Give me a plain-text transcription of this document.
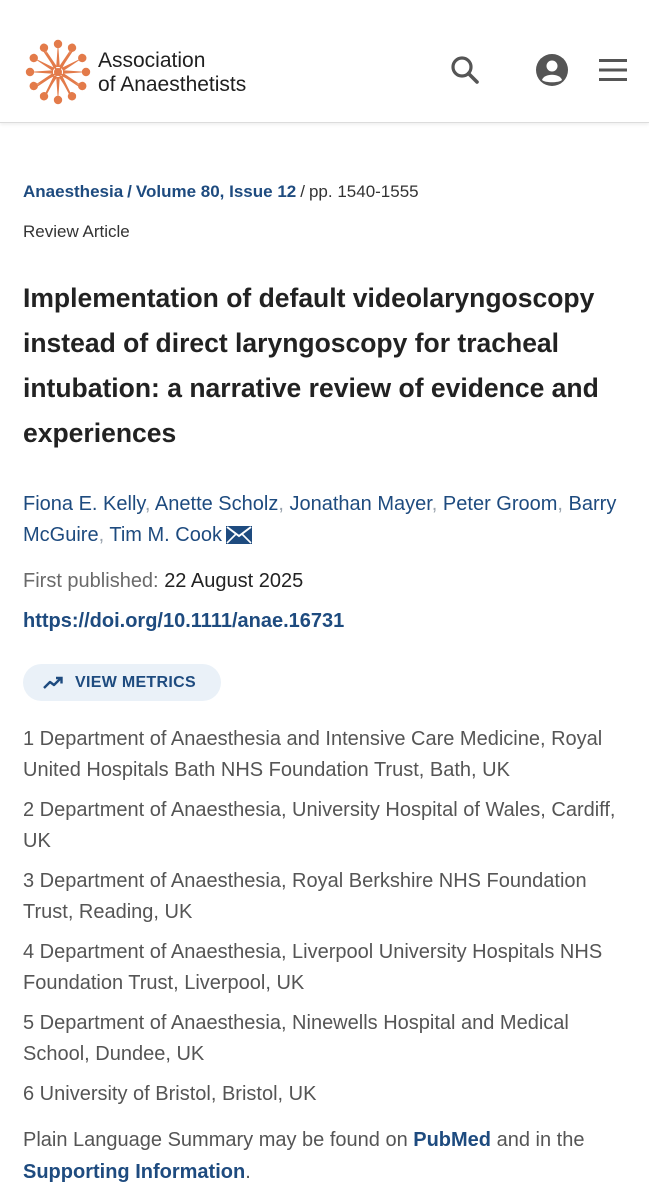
Association
of Anaesthetists
Anaesthesia / Volume 80, Issue 12 / pp. 1540-1555
Review Article
Implementation of default videolaryngoscopy instead of direct laryngoscopy for tracheal intubation: a narrative review of evidence and experiences
Fiona E. Kelly, Anette Scholz, Jonathan Mayer, Peter Groom, Barry McGuire, Tim M. Cook
First published: 22 August 2025
https://doi.org/10.1111/anae.16731
VIEW METRICS
1 Department of Anaesthesia and Intensive Care Medicine, Royal United Hospitals Bath NHS Foundation Trust, Bath, UK
2 Department of Anaesthesia, University Hospital of Wales, Cardiff, UK
3 Department of Anaesthesia, Royal Berkshire NHS Foundation Trust, Reading, UK
4 Department of Anaesthesia, Liverpool University Hospitals NHS Foundation Trust, Liverpool, UK
5 Department of Anaesthesia, Ninewells Hospital and Medical School, Dundee, UK
6 University of Bristol, Bristol, UK
Plain Language Summary may be found on PubMed and in the Supporting Information.
